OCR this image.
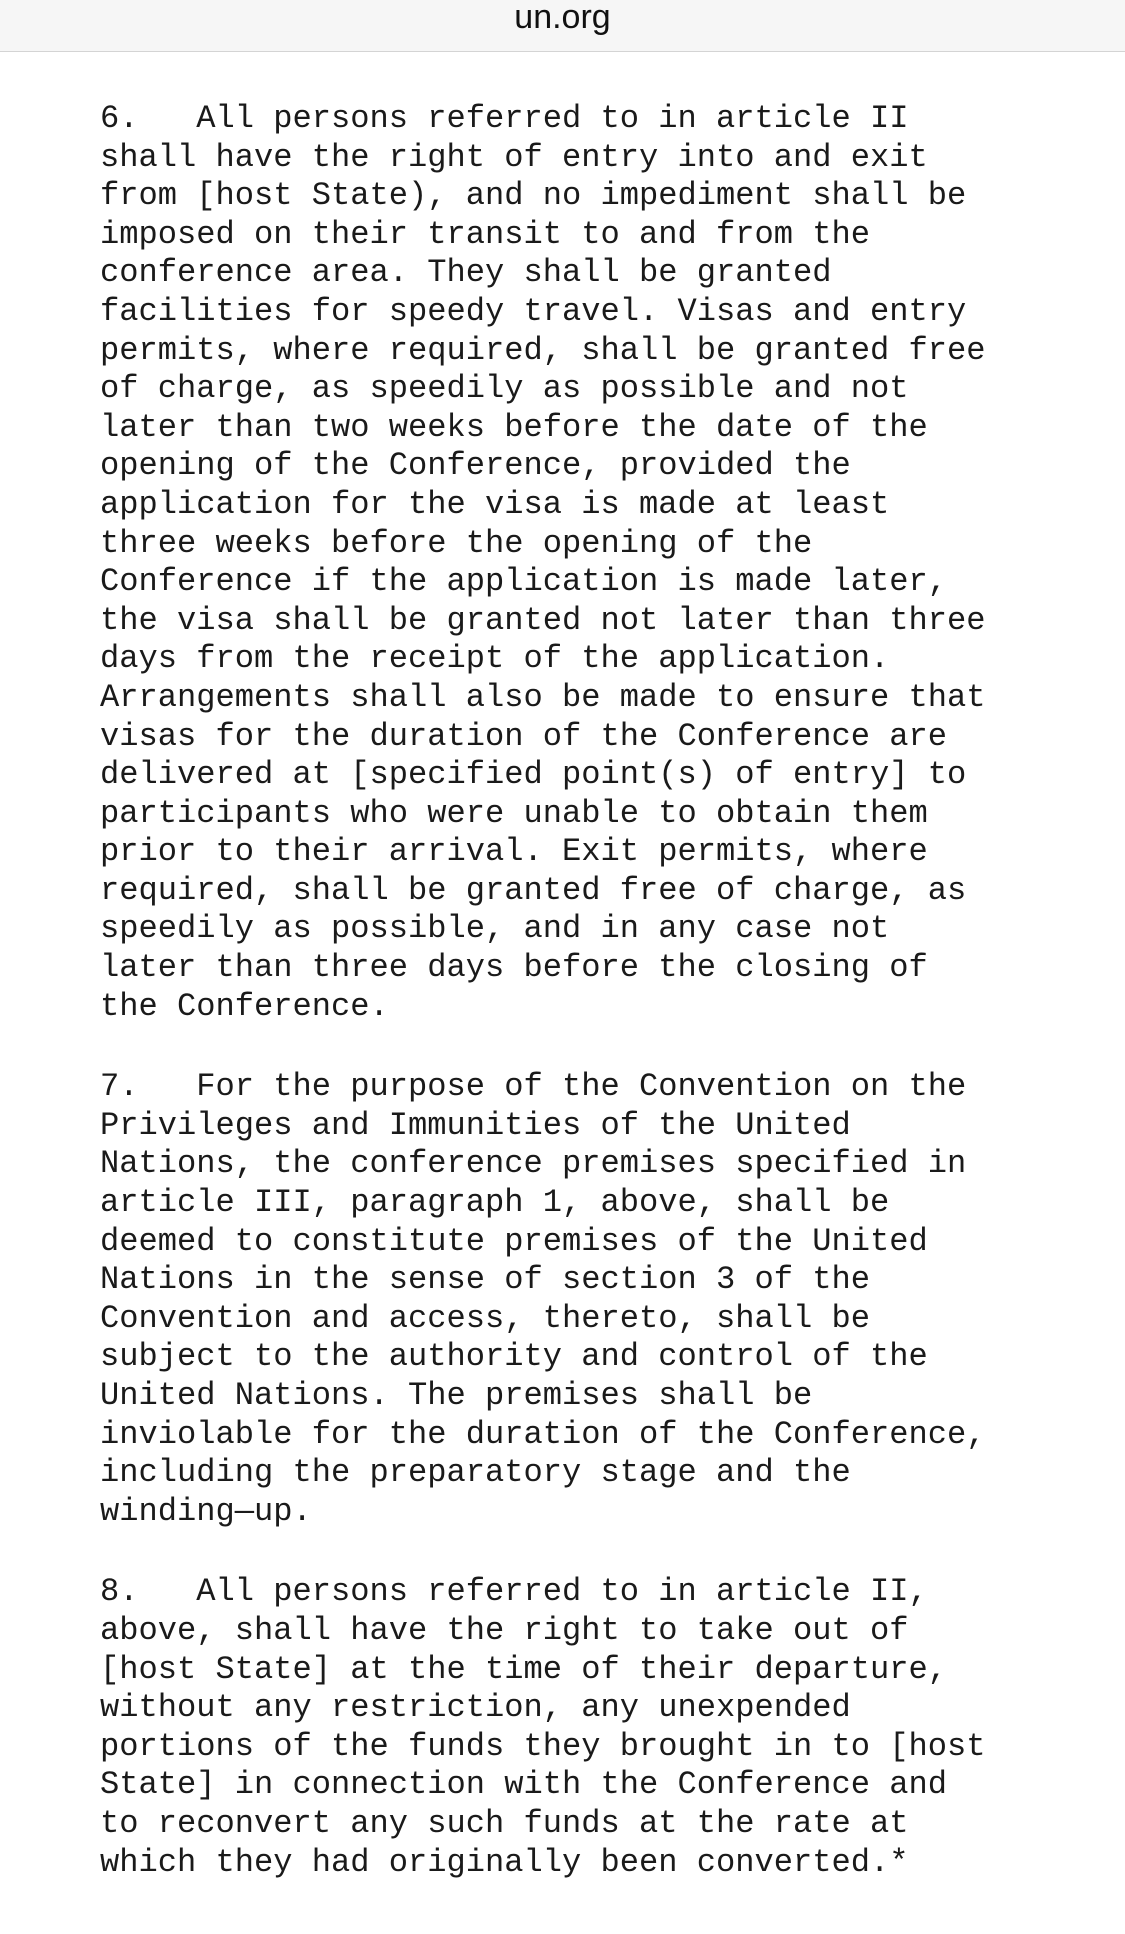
un.org
6.   All persons referred to in article II
shall have the right of entry into and exit
from [host State), and no impediment shall be
imposed on their transit to and from the
conference area. They shall be granted
facilities for speedy travel. Visas and entry
permits, where required, shall be granted free
of charge, as speedily as possible and not
later than two weeks before the date of the
opening of the Conference, provided the
application for the visa is made at least
three weeks before the opening of the
Conference if the application is made later,
the visa shall be granted not later than three
days from the receipt of the application.
Arrangements shall also be made to ensure that
visas for the duration of the Conference are
delivered at [specified point(s) of entry] to
participants who were unable to obtain them
prior to their arrival. Exit permits, where
required, shall be granted free of charge, as
speedily as possible, and in any case not
later than three days before the closing of
the Conference.
7.   For the purpose of the Convention on the
Privileges and Immunities of the United
Nations, the conference premises specified in
article III, paragraph 1, above, shall be
deemed to constitute premises of the United
Nations in the sense of section 3 of the
Convention and access, thereto, shall be
subject to the authority and control of the
United Nations. The premises shall be
inviolable for the duration of the Conference,
including the preparatory stage and the
winding—up.
8.   All persons referred to in article II,
above, shall have the right to take out of
[host State] at the time of their departure,
without any restriction, any unexpended
portions of the funds they brought in to [host
State] in connection with the Conference and
to reconvert any such funds at the rate at
which they had originally been converted.*
